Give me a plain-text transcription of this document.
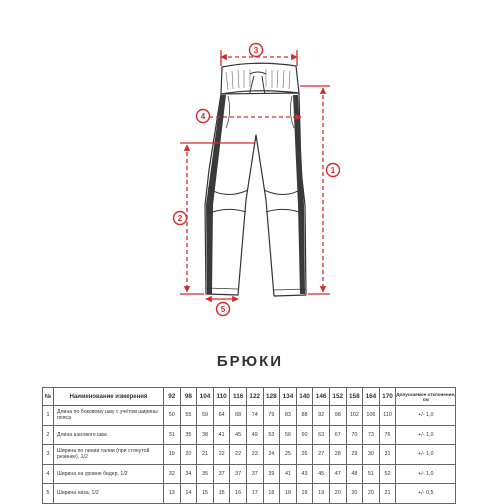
3
4
1
2
5
БРЮКИ
№	Наименование измерения	92	98	104	110	116	122	128	134	140	146	152	158	164	170	Допускаемое отклонение, см
1	Длина по боковому шву с учётом ширины пояса	50	55	59	64	68	74	79	83	88	92	98	102	106	110	+/- 1,0
2	Длина шагового шва	31	35	38	41	45	49	53	56	60	63	67	70	73	76	+/- 1,0
3	Ширина по линии талии (при стянутой резинке), 1/2	19	20	21	22	22	23	24	25	26	27	28	29	30	31	+/- 1,0
4	Ширина на уровне бедер, 1/2	32	34	35	37	37	37	39	41	43	45	47	48	51	52	+/- 1,0
5	Ширина низа, 1/2	13	14	15	15	16	17	18	18	19	19	20	20	20	21	+/- 0,5
